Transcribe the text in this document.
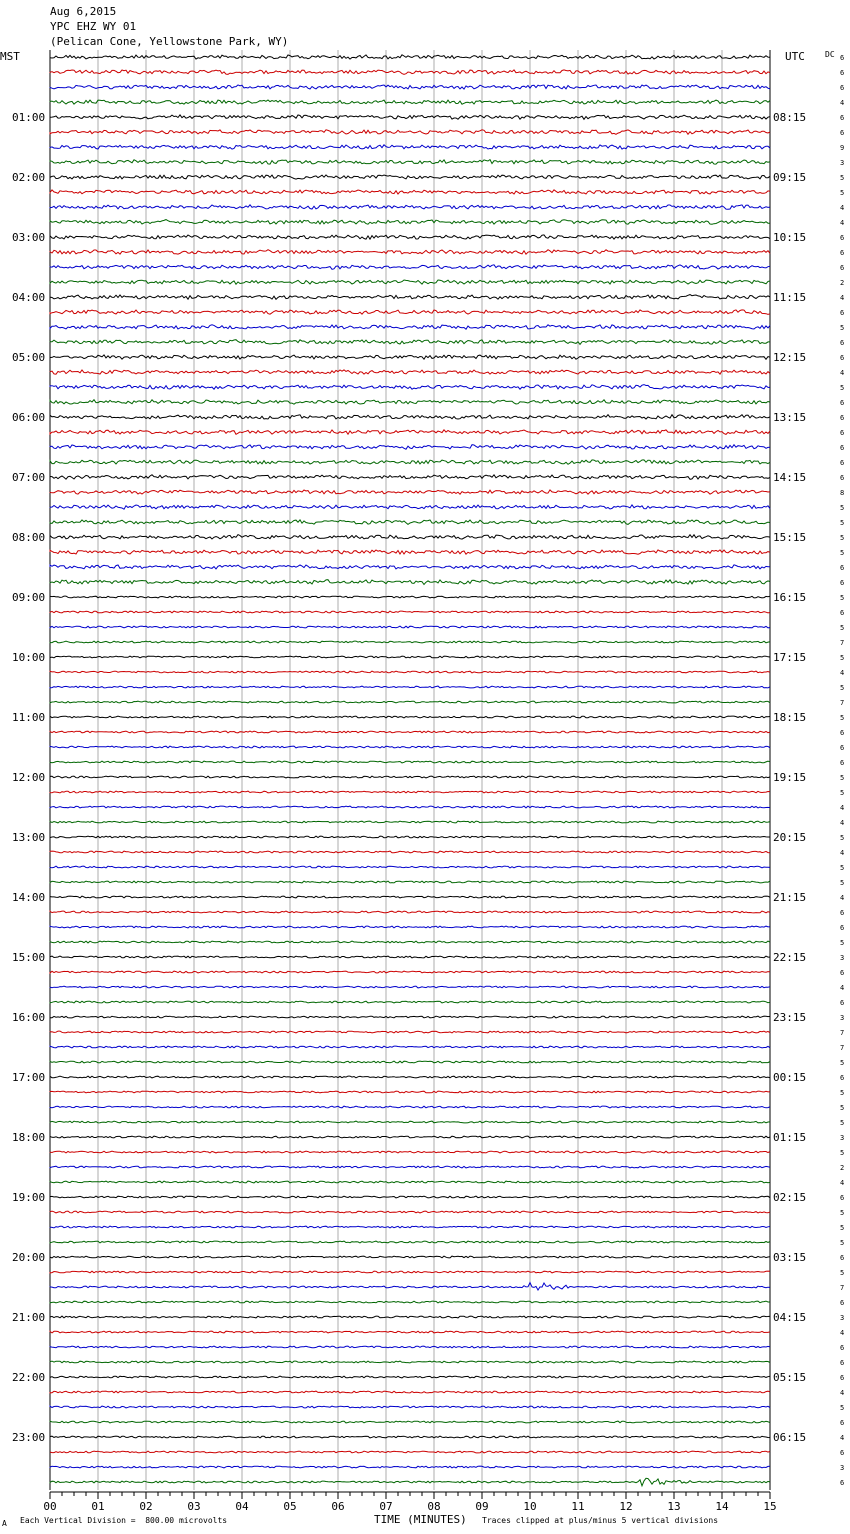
Aug 6,2015
YPC EHZ WY 01
(Pelican Cone, Yellowstone Park, WY)
MST	UTC	DC 6
6
6
4
6
6
9
3
5
5
4
4
6
6
6
2
4
6
5
6
6
4
5
6
6
6
6
6
6
8
5
5
5
5
6
6
5
6
5
7
5
4
5
7
5
6
6
6
5
5
4
4
5
4
5
5
4
6
6
5
3
6
4
6
3
7
7
5
6
5
5
5
3
5
2
4
6
5
5
5
6
5
7
6
3
4
6
6
6
4
5
6
4
6
3
6
01:00
02:00
03:00
04:00
05:00
06:00
07:00
08:00
09:00
10:00
11:00
12:00
13:00
14:00
15:00
16:00
17:00
18:00
19:00
20:00
21:00
22:00
23:00
08:15
09:15
10:15
11:15
12:15
13:15
14:15
15:15
16:15
17:15
18:15
19:15
20:15
21:15
22:15
23:15
00:15
01:15
02:15
03:15
04:15
05:15
06:15
00	01	02	03	04	05	06	07	08	09	10	11	12	13	14	15
A Each Vertical Division =  800.00 microvolts	TIME (MINUTES) Traces clipped at plus/minus 5 vertical divisions
